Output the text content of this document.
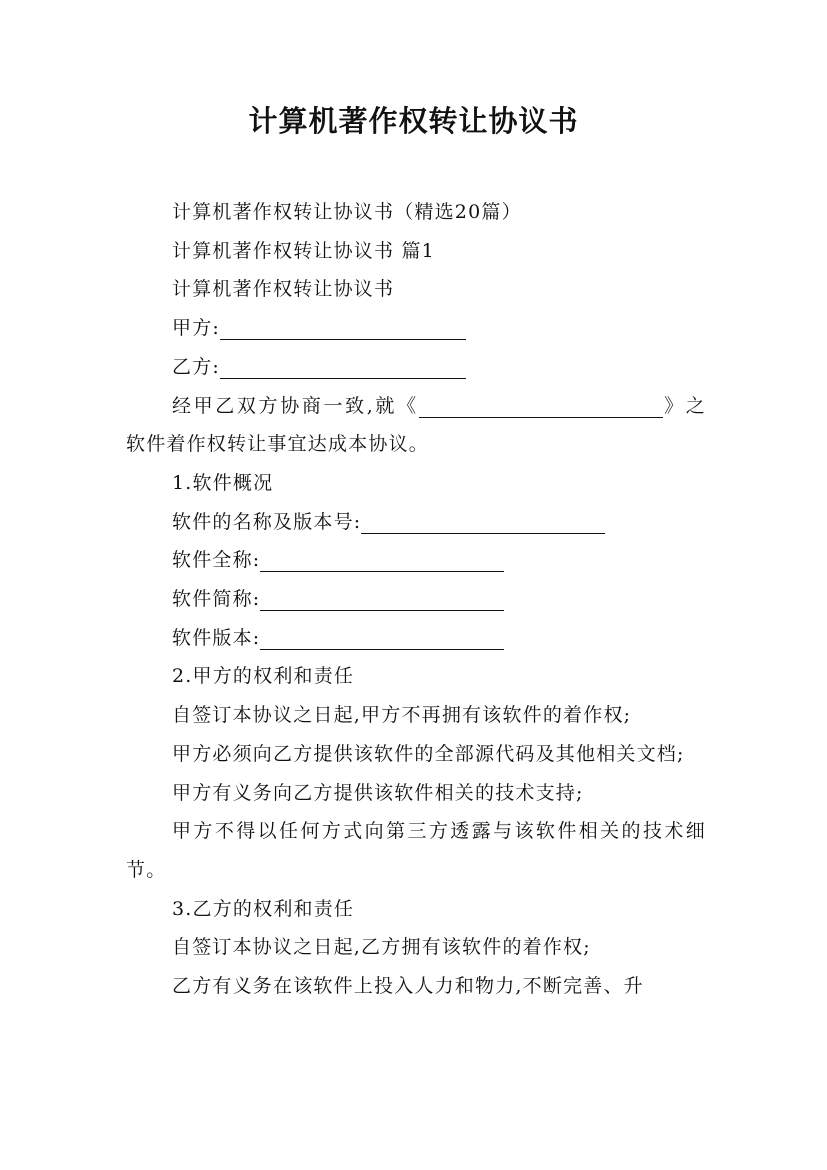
计算机著作权转让协议书

计算机著作权转让协议书（精选20篇）

计算机著作权转让协议书 篇1

计算机著作权转让协议书

甲方:

乙方:

经甲乙双方协商一致,就《	》之软件着作权转让事宜达成本协议。

1.软件概况

软件的名称及版本号:

软件全称:

软件简称:

软件版本:

2.甲方的权利和责任

自签订本协议之日起,甲方不再拥有该软件的着作权;

甲方必须向乙方提供该软件的全部源代码及其他相关文档;

甲方有义务向乙方提供该软件相关的技术支持;

甲方不得以任何方式向第三方透露与该软件相关的技术细节。

3.乙方的权利和责任

自签订本协议之日起,乙方拥有该软件的着作权;

乙方有义务在该软件上投入人力和物力,不断完善、升
